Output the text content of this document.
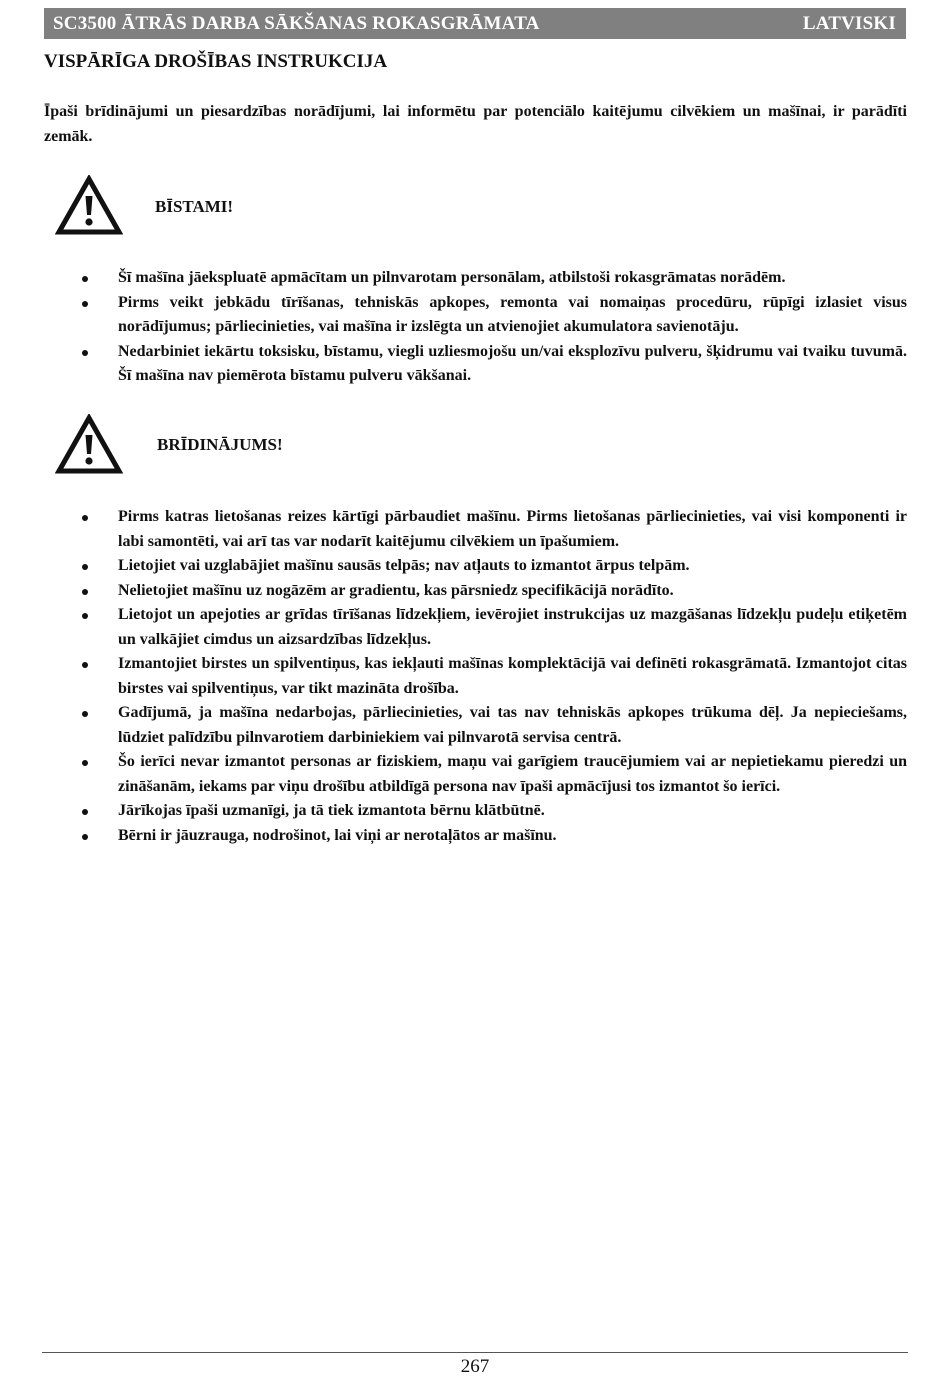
SC3500 ĀTRĀS DARBA SĀKŠANAS ROKASGRĀMATA	LATVISKI
VISPĀRĪGA DROŠĪBAS INSTRUKCIJA

Īpaši brīdinājumi un piesardzības norādījumi, lai informētu par potenciālo kaitējumu cilvēkiem un mašīnai, ir parādīti zemāk.

BĪSTAMI!
Šī mašīna jāekspluatē apmācītam un pilnvarotam personālam, atbilstoši rokasgrāmatas norādēm.
Pirms veikt jebkādu tīrīšanas, tehniskās apkopes, remonta vai nomaiņas procedūru, rūpīgi izlasiet visus norādījumus; pārliecinieties, vai mašīna ir izslēgta un atvienojiet akumulatora savienotāju.
Nedarbiniet iekārtu toksisku, bīstamu, viegli uzliesmojošu un/vai eksplozīvu pulveru, šķidrumu vai tvaiku tuvumā. Šī mašīna nav piemērota bīstamu pulveru vākšanai.
BRĪDINĀJUMS!
Pirms katras lietošanas reizes kārtīgi pārbaudiet mašīnu. Pirms lietošanas pārliecinieties, vai visi komponenti ir labi samontēti, vai arī tas var nodarīt kaitējumu cilvēkiem un īpašumiem.
Lietojiet vai uzglabājiet mašīnu sausās telpās; nav atļauts to izmantot ārpus telpām.
Nelietojiet mašīnu uz nogāzēm ar gradientu, kas pārsniedz specifikācijā norādīto.
Lietojot un apejoties ar grīdas tīrīšanas līdzekļiem, ievērojiet instrukcijas uz mazgāšanas līdzekļu pudeļu etiķetēm un valkājiet cimdus un aizsardzības līdzekļus.
Izmantojiet birstes un spilventiņus, kas iekļauti mašīnas komplektācijā vai definēti rokasgrāmatā. Izmantojot citas birstes vai spilventiņus, var tikt mazināta drošība.
Gadījumā, ja mašīna nedarbojas, pārliecinieties, vai tas nav tehniskās apkopes trūkuma dēļ. Ja nepieciešams, lūdziet palīdzību pilnvarotiem darbiniekiem vai pilnvarotā servisa centrā.
Šo ierīci nevar izmantot personas ar fiziskiem, maņu vai garīgiem traucējumiem vai ar nepietiekamu pieredzi un zināšanām, iekams par viņu drošību atbildīgā persona nav īpaši apmācījusi tos izmantot šo ierīci.
Jārīkojas īpaši uzmanīgi, ja tā tiek izmantota bērnu klātbūtnē.
Bērni ir jāuzrauga, nodrošinot, lai viņi ar nerotaļātos ar mašīnu.
267
